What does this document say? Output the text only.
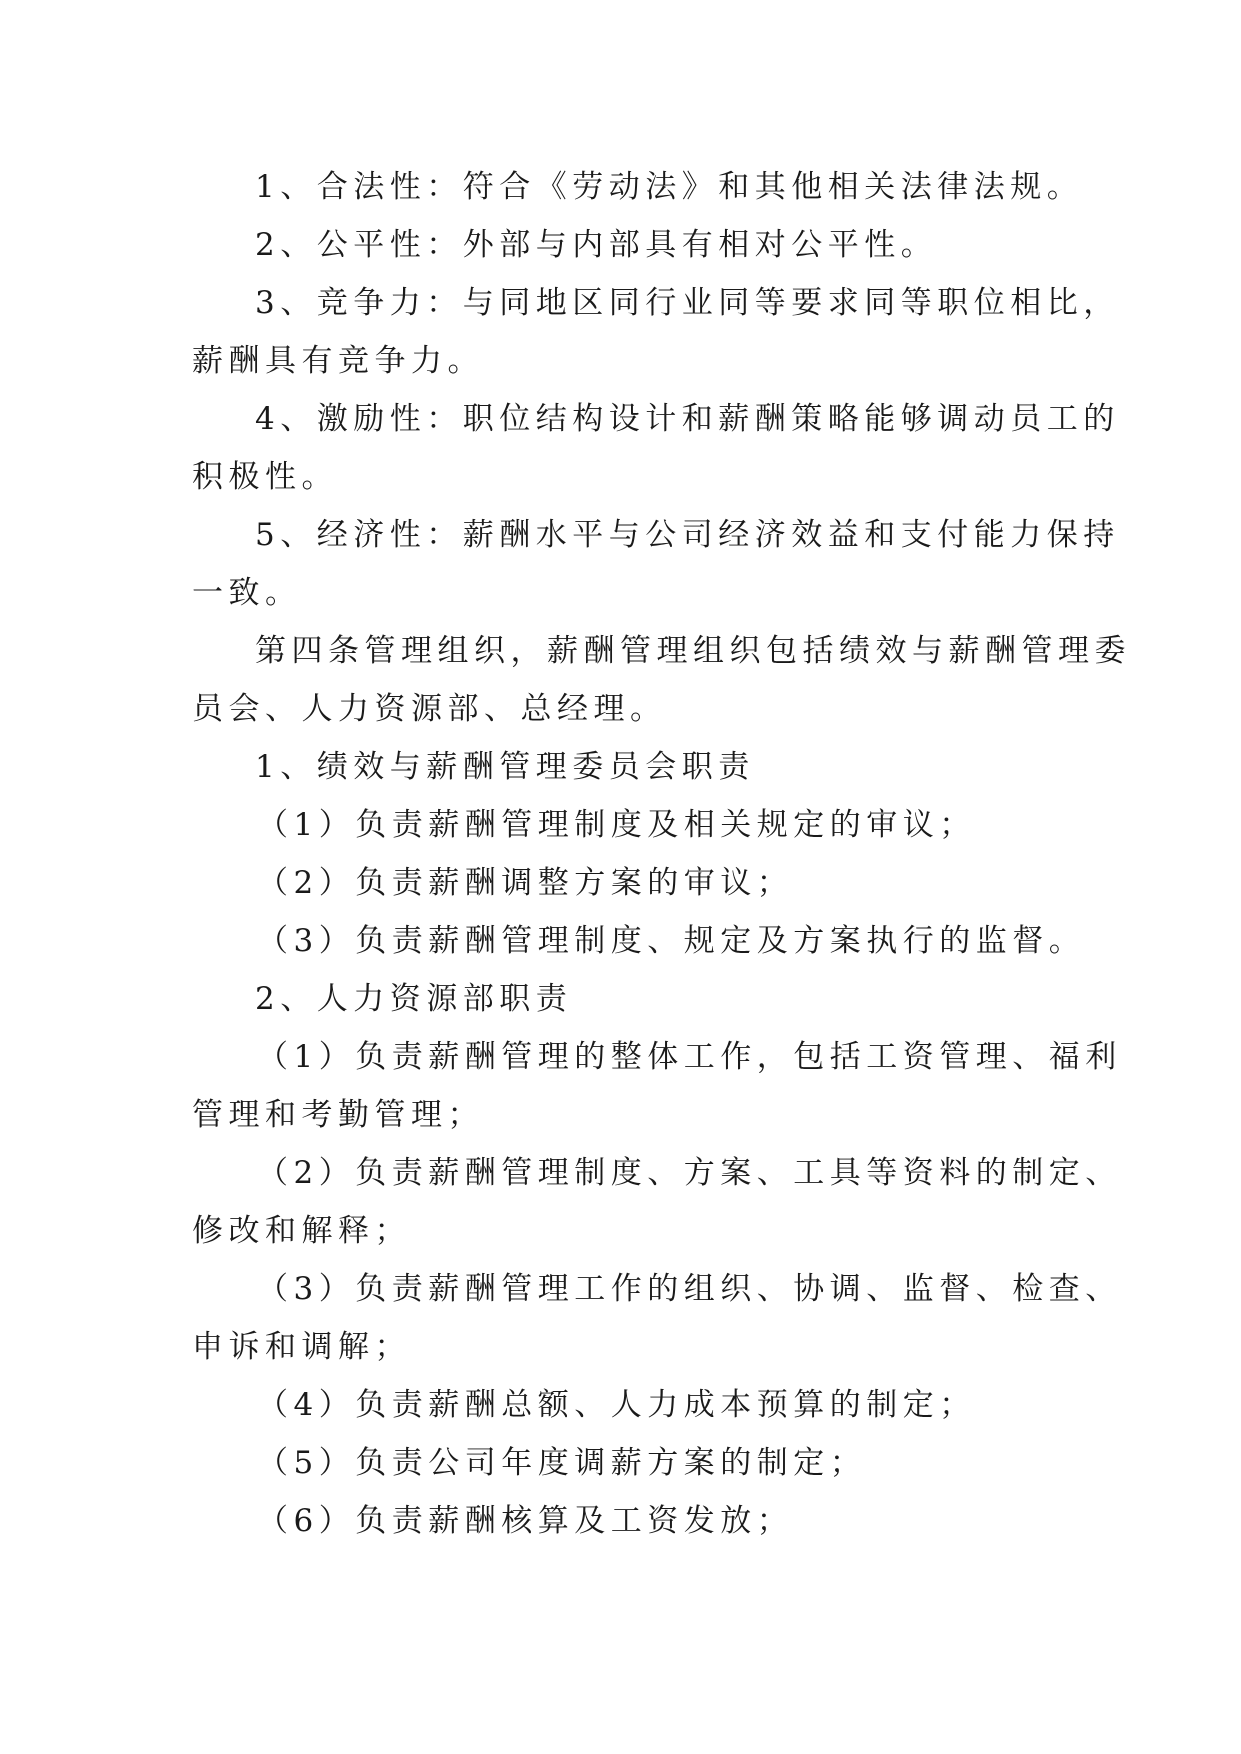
1、合法性：符合《劳动法》和其他相关法律法规。
2、公平性：外部与内部具有相对公平性。
3、竞争力：与同地区同行业同等要求同等职位相比，
薪酬具有竞争力。
4、激励性：职位结构设计和薪酬策略能够调动员工的
积极性。
5、经济性：薪酬水平与公司经济效益和支付能力保持
一致。
第四条管理组织，薪酬管理组织包括绩效与薪酬管理委
员会、人力资源部、总经理。
1、绩效与薪酬管理委员会职责
（1）负责薪酬管理制度及相关规定的审议；
（2）负责薪酬调整方案的审议；
（3）负责薪酬管理制度、规定及方案执行的监督。
2、人力资源部职责
（1）负责薪酬管理的整体工作，包括工资管理、福利
管理和考勤管理；
（2）负责薪酬管理制度、方案、工具等资料的制定、
修改和解释；
（3）负责薪酬管理工作的组织、协调、监督、检查、
申诉和调解；
（4）负责薪酬总额、人力成本预算的制定；
（5）负责公司年度调薪方案的制定；
（6）负责薪酬核算及工资发放；
